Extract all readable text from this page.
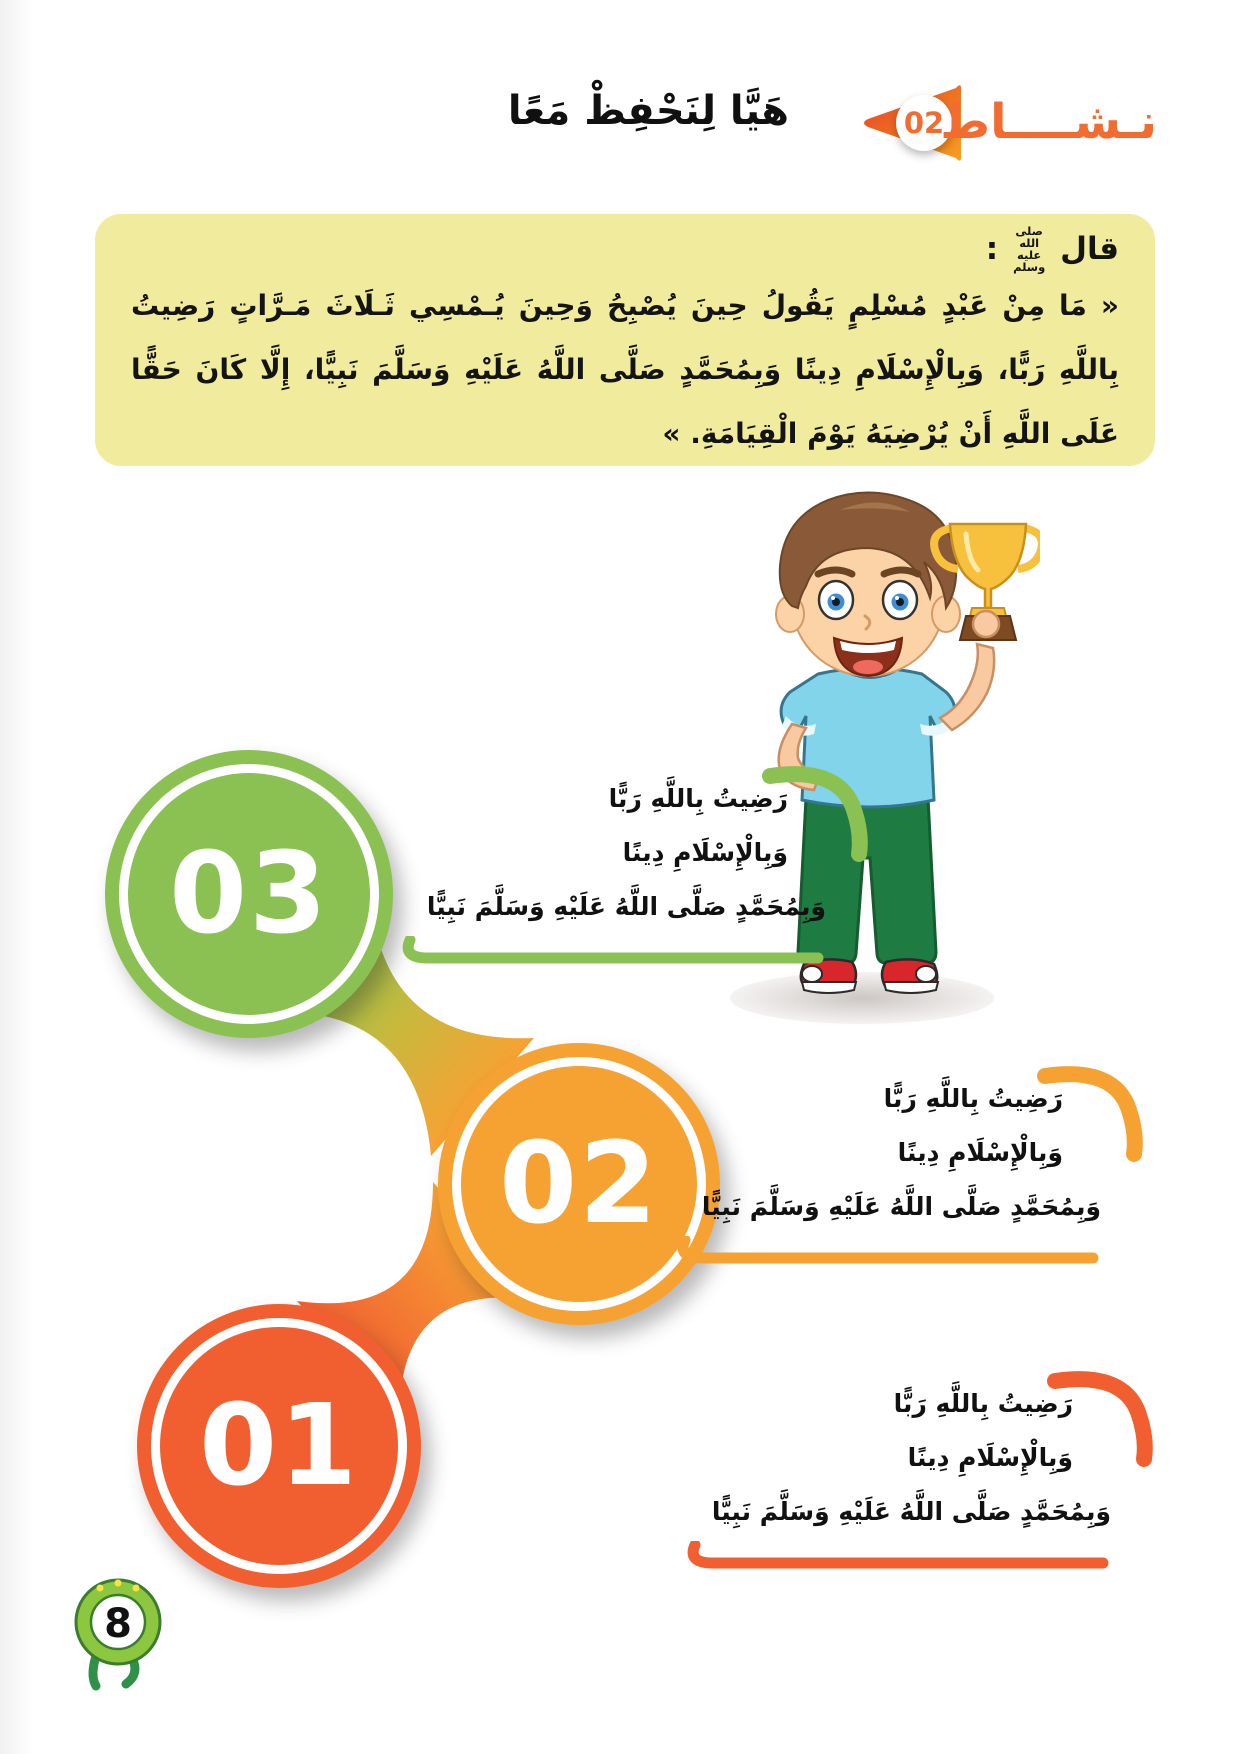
هَيَّا لِنَحْفِظْ مَعًا	02
نـشــــاط
قال
صلى الله عليه وسلم
:

« مَا مِنْ عَبْدٍ مُسْلِمٍ يَقُولُ حِينَ يُصْبِحُ وَحِينَ يُـمْسِي ثَـلَاثَ مَـرَّاتٍ رَضِيتُ بِاللَّهِ رَبًّا، وَبِالْإِسْلَامِ دِينًا وَبِمُحَمَّدٍ صَلَّى اللَّهُ عَلَيْهِ وَسَلَّمَ نَبِيًّا، إِلَّا كَانَ حَقًّا عَلَى اللَّهِ أَنْ يُرْضِيَهُ يَوْمَ الْقِيَامَةِ. »

03
02
01
رَضِيتُ بِاللَّهِ رَبًّا
وَبِالْإِسْلَامِ دِينًا
وَبِمُحَمَّدٍ صَلَّى اللَّهُ عَلَيْهِ وَسَلَّمَ نَبِيًّا
رَضِيتُ بِاللَّهِ رَبًّا
وَبِالْإِسْلَامِ دِينًا
وَبِمُحَمَّدٍ صَلَّى اللَّهُ عَلَيْهِ وَسَلَّمَ نَبِيًّا
رَضِيتُ بِاللَّهِ رَبًّا
وَبِالْإِسْلَامِ دِينًا
وَبِمُحَمَّدٍ صَلَّى اللَّهُ عَلَيْهِ وَسَلَّمَ نَبِيًّا
8
